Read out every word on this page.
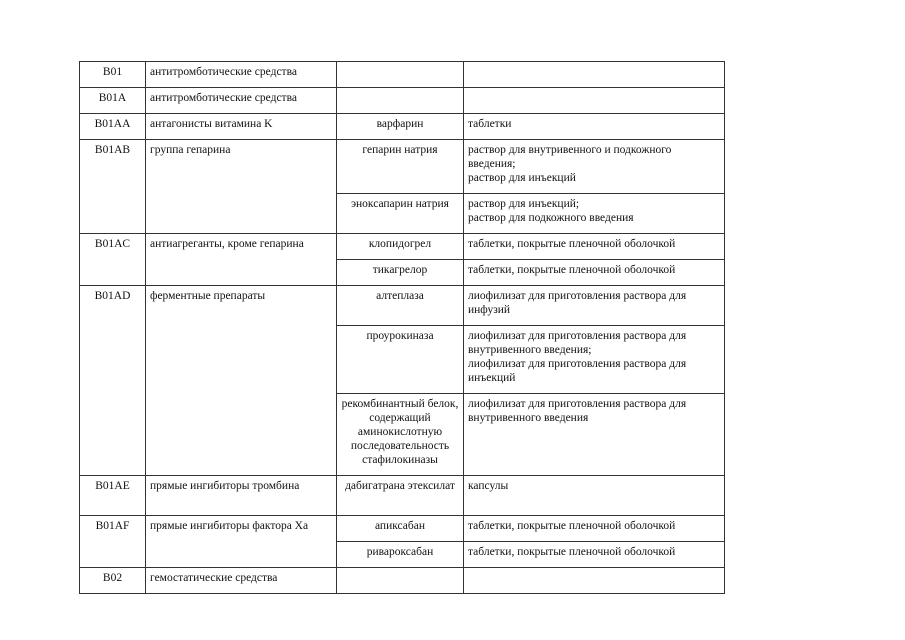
B01	антитромботические средства		
B01A	антитромботические средства		
B01AA	антагонисты витамина K	варфарин	таблетки

B01AB	группа гепарина	гепарин натрия	раствор для внутривенного и подкожного введения;
раствор для инъекций

		эноксапарин натрия	раствор для инъекций;
раствор для подкожного введения

B01AC	антиагреганты, кроме гепарина	клопидогрел	таблетки, покрытые пленочной оболочкой

		тикагрелор	таблетки, покрытые пленочной оболочкой

B01AD	ферментные препараты	алтеплаза	лиофилизат для приготовления раствора для инфузий

		проурокиназа	лиофилизат для приготовления раствора для внутривенного введения;
лиофилизат для приготовления раствора для инъекций

		рекомбинантный белок, содержащий аминокислотную последовательность стафилокиназы	лиофилизат для приготовления раствора для внутривенного введения

B01AE	прямые ингибиторы тромбина	дабигатрана этексилат	капсулы

B01AF	прямые ингибиторы фактора Xa	апиксабан	таблетки, покрытые пленочной оболочкой

		ривароксабан	таблетки, покрытые пленочной оболочкой

B02	гемостатические средства		
